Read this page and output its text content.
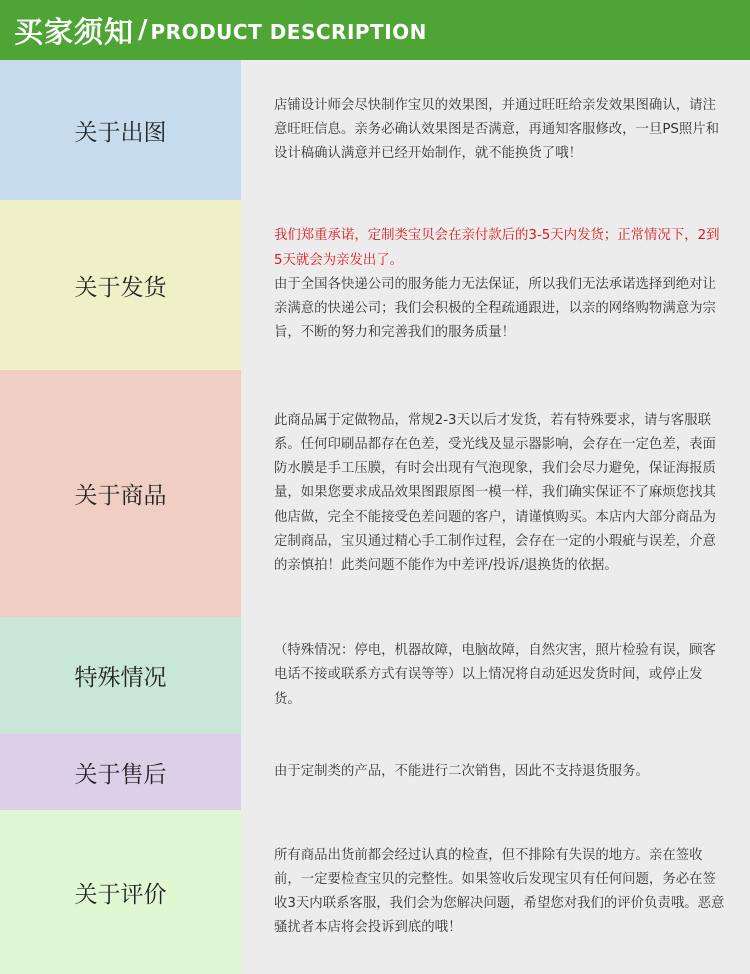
买家须知 / PRODUCT DESCRIPTION
关于出图

店铺设计师会尽快制作宝贝的效果图，并通过旺旺给亲发效果图确认，请注意旺旺信息。亲务必确认效果图是否满意，再通知客服修改，一旦PS照片和设计稿确认满意并已经开始制作，就不能换货了哦！

关于发货

我们郑重承诺，定制类宝贝会在亲付款后的3-5天内发货；正常情况下，2到5天就会为亲发出了。

由于全国各快递公司的服务能力无法保证，所以我们无法承诺选择到绝对让亲满意的快递公司；我们会积极的全程疏通跟进，以亲的网络购物满意为宗旨，不断的努力和完善我们的服务质量！

关于商品

此商品属于定做物品，常规2-3天以后才发货，若有特殊要求，请与客服联系。任何印刷品都存在色差，受光线及显示器影响，会存在一定色差，表面防水膜是手工压膜，有时会出现有气泡现象，我们会尽力避免，保证海报质量，如果您要求成品效果图跟原图一模一样，我们确实保证不了麻烦您找其他店做，完全不能接受色差问题的客户，请谨慎购买。本店内大部分商品为定制商品，宝贝通过精心手工制作过程，会存在一定的小瑕疵与误差，介意的亲慎拍！此类问题不能作为中差评/投诉/退换货的依据。

特殊情况

（特殊情况：停电，机器故障，电脑故障，自然灾害，照片检验有误，顾客电话不接或联系方式有误等等）以上情况将自动延迟发货时间，或停止发货。

关于售后	由于定制类的产品，不能进行二次销售，因此不支持退货服务。

关于评价

所有商品出货前都会经过认真的检查，但不排除有失误的地方。亲在签收前，一定要检查宝贝的完整性。如果签收后发现宝贝有任何问题，务必在签收3天内联系客服，我们会为您解决问题，希望您对我们的评价负责哦。恶意骚扰者本店将会投诉到底的哦！
